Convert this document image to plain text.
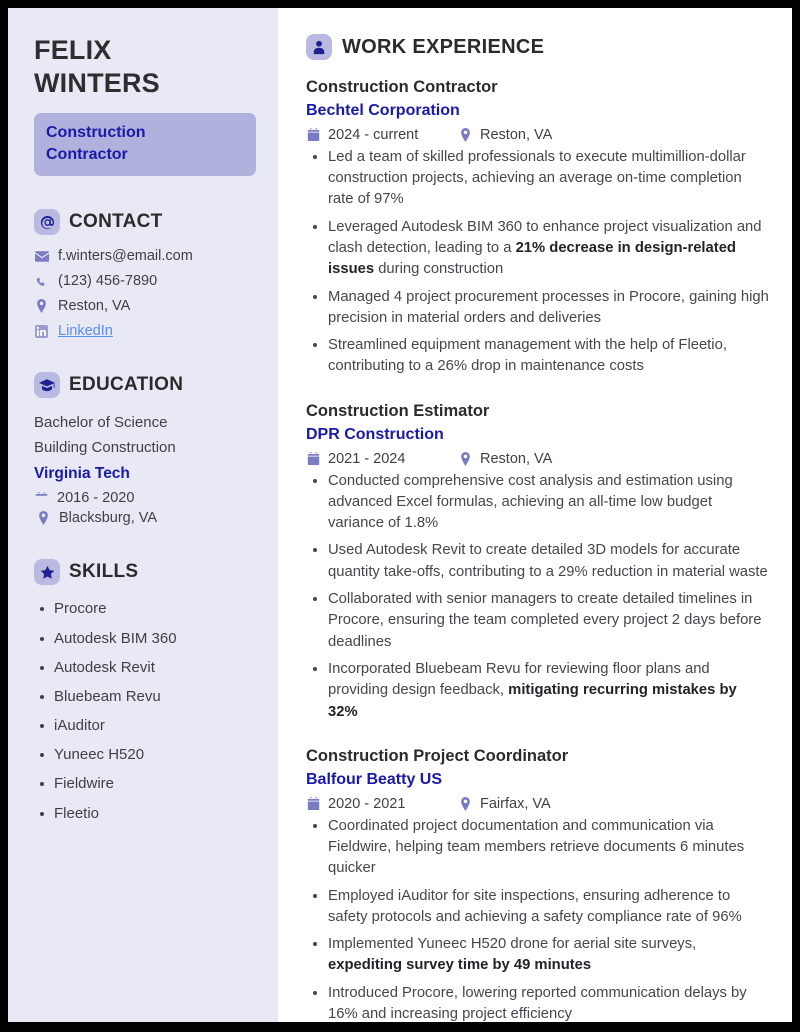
FELIX
WINTERS
Construction
Contractor
CONTACT
f.winters@email.com
(123) 456-7890
Reston, VA
LinkedIn
EDUCATION
Bachelor of Science
Building Construction
Virginia Tech
2016 - 2020
Blacksburg, VA
SKILLS
Procore
Autodesk BIM 360
Autodesk Revit
Bluebeam Revu
iAuditor
Yuneec H520
Fieldwire
Fleetio
WORK EXPERIENCE
Construction Contractor
Bechtel Corporation
2024 - current	Reston, VA
Led a team of skilled professionals to execute multimillion-dollar construction projects, achieving an average on-time completion rate of 97%
Leveraged Autodesk BIM 360 to enhance project visualization and clash detection, leading to a 21% decrease in design-related issues during construction
Managed 4 project procurement processes in Procore, gaining high precision in material orders and deliveries
Streamlined equipment management with the help of Fleetio, contributing to a 26% drop in maintenance costs
Construction Estimator
DPR Construction
2021 - 2024	Reston, VA
Conducted comprehensive cost analysis and estimation using advanced Excel formulas, achieving an all-time low budget variance of 1.8%
Used Autodesk Revit to create detailed 3D models for accurate quantity take-offs, contributing to a 29% reduction in material waste
Collaborated with senior managers to create detailed timelines in Procore, ensuring the team completed every project 2 days before deadlines
Incorporated Bluebeam Revu for reviewing floor plans and providing design feedback, mitigating recurring mistakes by 32%
Construction Project Coordinator
Balfour Beatty US
2020 - 2021	Fairfax, VA
Coordinated project documentation and communication via Fieldwire, helping team members retrieve documents 6 minutes quicker
Employed iAuditor for site inspections, ensuring adherence to safety protocols and achieving a safety compliance rate of 96%
Implemented Yuneec H520 drone for aerial site surveys, expediting survey time by 49 minutes
Introduced Procore, lowering reported communication delays by 16% and increasing project efficiency
